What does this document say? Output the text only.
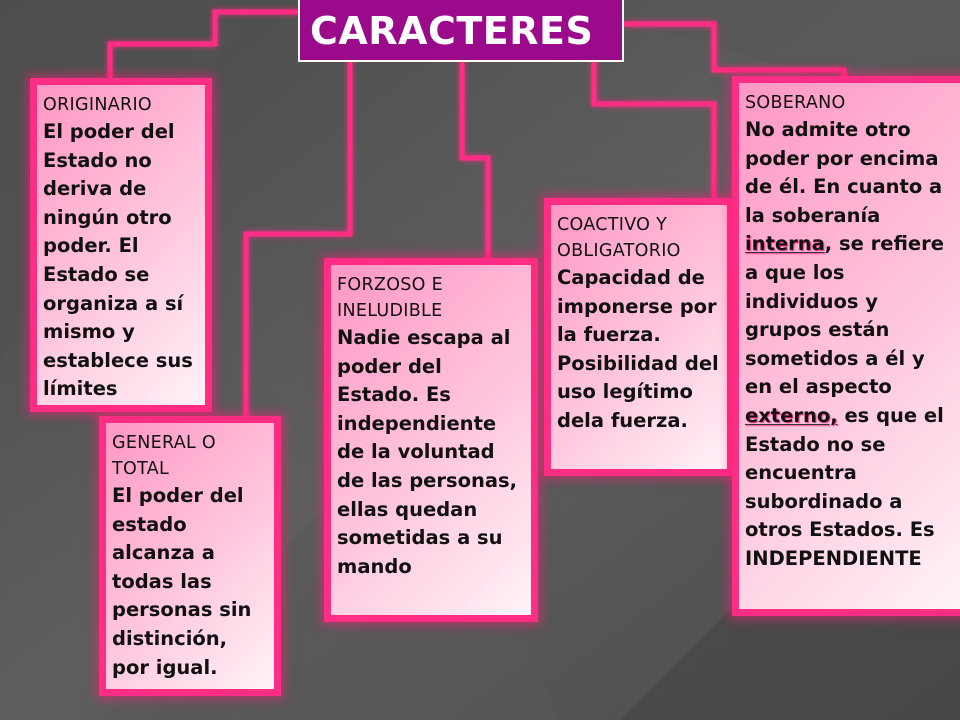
CARACTERES
ORIGINARIO
El poder del Estado no deriva de ningún otro poder. El Estado se organiza a sí mismo y establece sus límites
GENERAL O TOTAL
El poder del estado alcanza a todas las personas sin distinción, por igual.
FORZOSO E INELUDIBLE
Nadie escapa al poder del Estado. Es independiente de la voluntad de las personas, ellas quedan sometidas a su mando
COACTIVO Y OBLIGATORIO
Capacidad de imponerse por la fuerza. Posibilidad del uso legítimo dela fuerza.
SOBERANO
No admite otro poder por encima de él. En cuanto a la soberanía interna, se refiere a que los individuos y grupos están sometidos a él y en el aspecto externo, es que el Estado no se encuentra subordinado a otros Estados. Es INDEPENDIENTE
